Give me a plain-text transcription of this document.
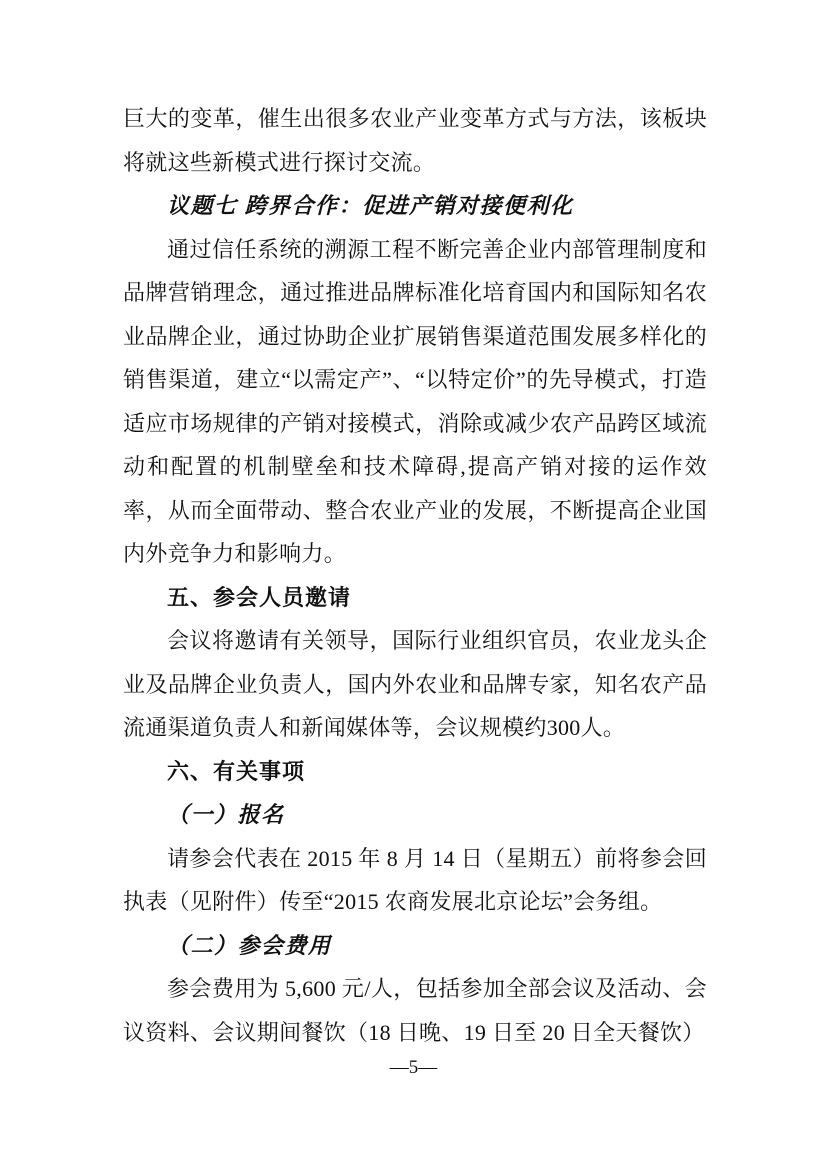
巨大的变革，催生出很多农业产业变革方式与方法，该板块将就这些新模式进行探讨交流。

议题七 跨界合作：促进产销对接便利化

通过信任系统的溯源工程不断完善企业内部管理制度和品牌营销理念，通过推进品牌标准化培育国内和国际知名农业品牌企业，通过协助企业扩展销售渠道范围发展多样化的销售渠道，建立“以需定产”、“以特定价”的先导模式，打造适应市场规律的产销对接模式，消除或减少农产品跨区域流动和配置的机制壁垒和技术障碍,提高产销对接的运作效率，从而全面带动、整合农业产业的发展，不断提高企业国内外竞争力和影响力。

五、参会人员邀请

会议将邀请有关领导，国际行业组织官员，农业龙头企业及品牌企业负责人，国内外农业和品牌专家，知名农产品流通渠道负责人和新闻媒体等，会议规模约300人。

六、有关事项

（一）报名

请参会代表在 2015 年 8 月 14 日（星期五）前将参会回执表（见附件）传至“2015 农商发展北京论坛”会务组。

（二）参会费用

参会费用为 5,600 元/人，包括参加全部会议及活动、会议资料、会议期间餐饮（18 日晚、19 日至 20 日全天餐饮）

—5—
